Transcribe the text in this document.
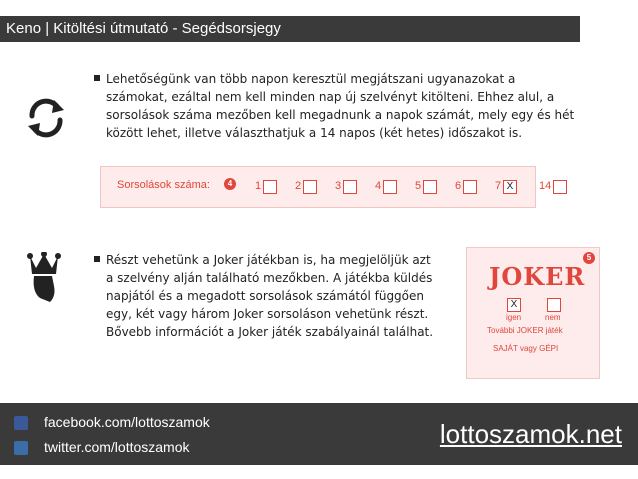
Keno | Kitöltési útmutató - Segédsorsjegy
Lehetőségünk van több napon keresztül megjátszani ugyanazokat a számokat, ezáltal nem kell minden nap új szelvényt kitölteni. Ehhez alul, a sorsolások száma mezőben kell megadnunk a napok számát, mely egy és hét között lehet, illetve választhatjuk a 14 napos (két hetes) időszakot is.
Sorsolások száma:	4	1	2	3	4	5	6	7 X	14
Részt vehetünk a Joker játékban is, ha megjelöljük azt a szelvény alján található mezőkben. A játékba küldés napjától és a megadott sorsolások számától függően egy, két vagy három Joker sorsoláson vehetünk részt. Bővebb információt a Joker játék szabályainál találhat.
5
JOKER
X
igen	nem
További JOKER játék
SAJÁT vagy GÉPI
facebook.com/lottoszamok
twitter.com/lottoszamok	lottoszamok.net
